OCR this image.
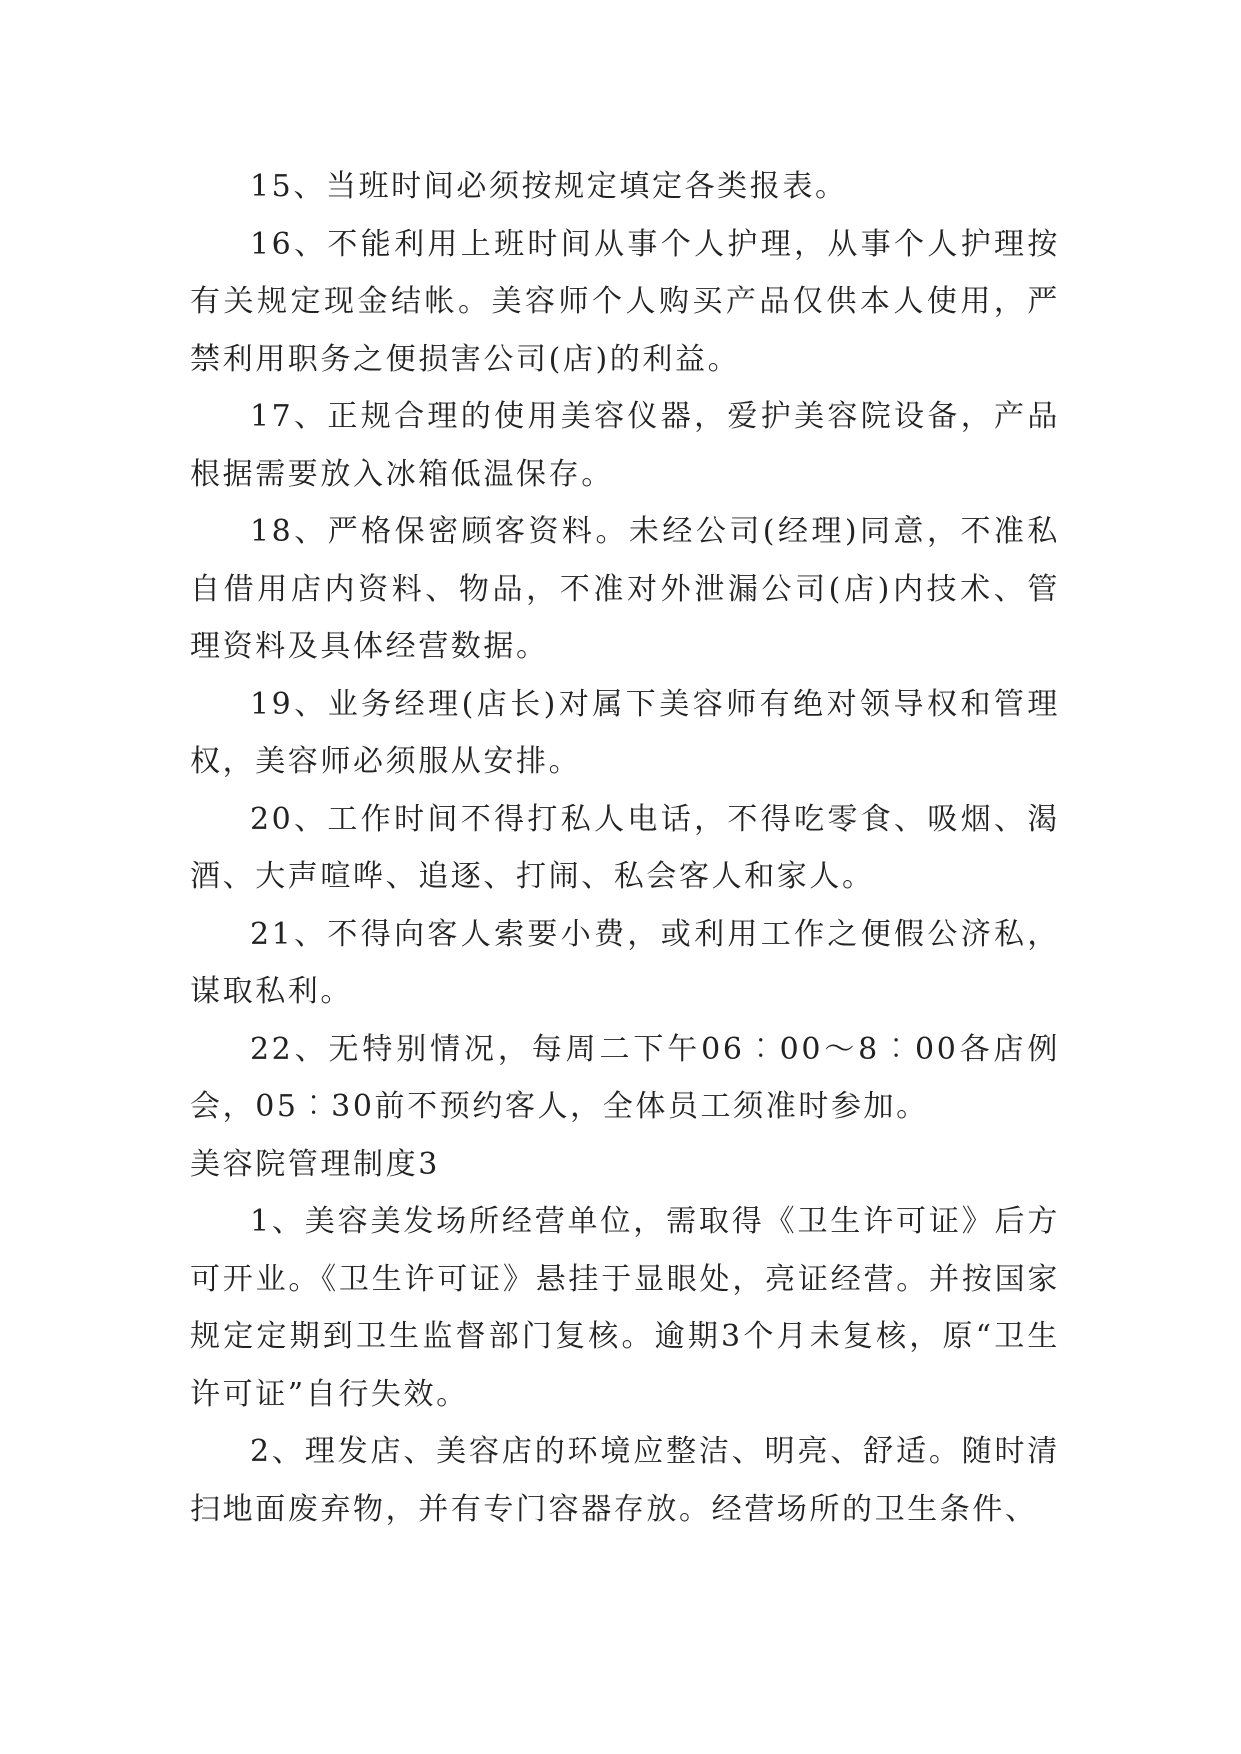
15、当班时间必须按规定填定各类报表。

16、不能利用上班时间从事个人护理，从事个人护理按有关规定现金结帐。美容师个人购买产品仅供本人使用，严禁利用职务之便损害公司(店)的利益。

17、正规合理的使用美容仪器，爱护美容院设备，产品根据需要放入冰箱低温保存。

18、严格保密顾客资料。未经公司(经理)同意，不准私自借用店内资料、物品，不准对外泄漏公司(店)内技术、管理资料及具体经营数据。

19、业务经理(店长)对属下美容师有绝对领导权和管理权，美容师必须服从安排。

20、工作时间不得打私人电话，不得吃零食、吸烟、渴酒、大声喧哗、追逐、打闹、私会客人和家人。

21、不得向客人索要小费，或利用工作之便假公济私，谋取私利。

22、无特别情况，每周二下午06︰00～8︰00各店例会，05︰30前不预约客人，全体员工须准时参加。

美容院管理制度3

1、美容美发场所经营单位，需取得《卫生许可证》后方可开业。《卫生许可证》悬挂于显眼处，亮证经营。并按国家规定定期到卫生监督部门复核。逾期3个月未复核，原“卫生许可证”自行失效。

2、理发店、美容店的环境应整洁、明亮、舒适。随时清扫地面废弃物，并有专门容器存放。经营场所的卫生条件、
